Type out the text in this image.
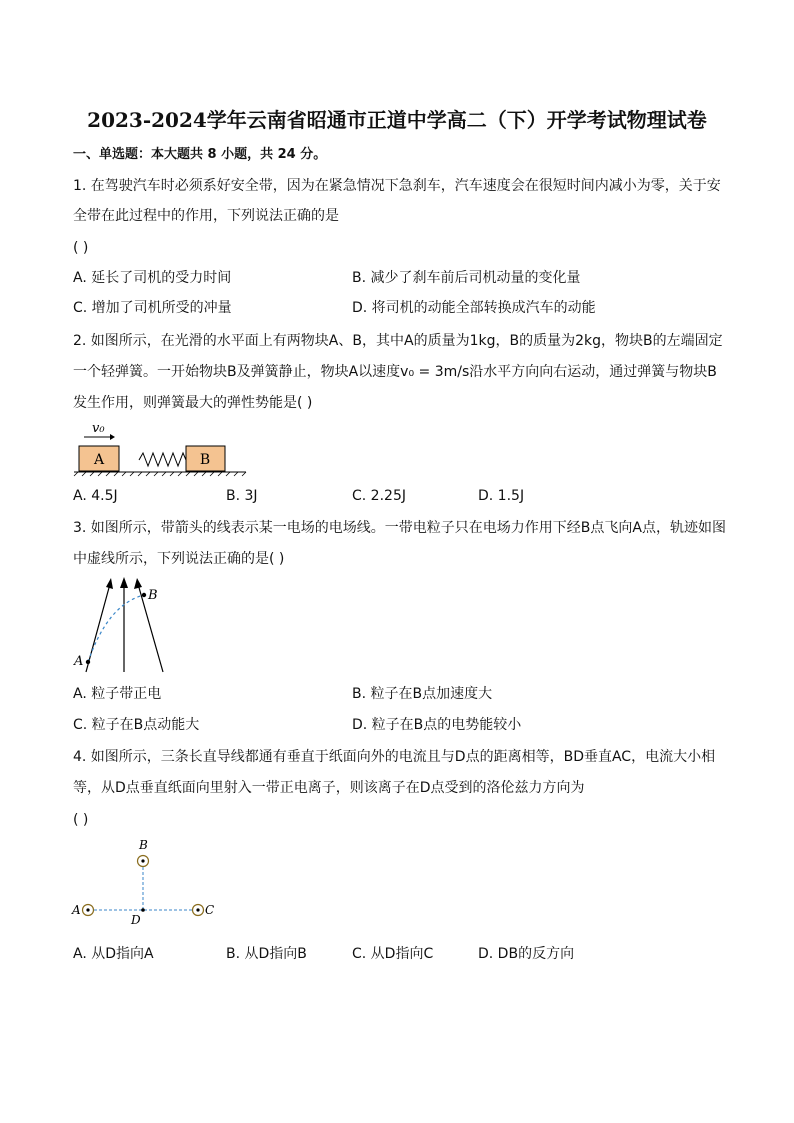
2023-2024学年云南省昭通市正道中学高二（下）开学考试物理试卷
一、单选题：本大题共 8 小题，共 24 分。
1. 在驾驶汽车时必须系好安全带，因为在紧急情况下急刹车，汽车速度会在很短时间内减小为零，关于安
全带在此过程中的作用，下列说法正确的是
( )
A. 延长了司机的受力时间	B. 减少了刹车前后司机动量的变化量
C. 增加了司机所受的冲量	D. 将司机的动能全部转换成汽车的动能
2. 如图所示，在光滑的水平面上有两物块A、B，其中A的质量为1kg，B的质量为2kg，物块B的左端固定
一个轻弹簧。一开始物块B及弹簧静止，物块A以速度v₀ = 3m/s沿水平方向向右运动，通过弹簧与物块B
发生作用，则弹簧最大的弹性势能是( )
v₀
A	B
A. 4.5J	B. 3J	C. 2.25J	D. 1.5J
3. 如图所示，带箭头的线表示某一电场的电场线。一带电粒子只在电场力作用下经B点飞向A点，轨迹如图
中虚线所示，下列说法正确的是( )
A
B
A. 粒子带正电	B. 粒子在B点加速度大
C. 粒子在B点动能大	D. 粒子在B点的电势能较小
4. 如图所示，三条长直导线都通有垂直于纸面向外的电流且与D点的距离相等，BD垂直AC，电流大小相
等，从D点垂直纸面向里射入一带正电离子，则该离子在D点受到的洛伦兹力方向为
( )
B
A	C
D
A. 从D指向A	B. 从D指向B	C. 从D指向C	D. DB的反方向
